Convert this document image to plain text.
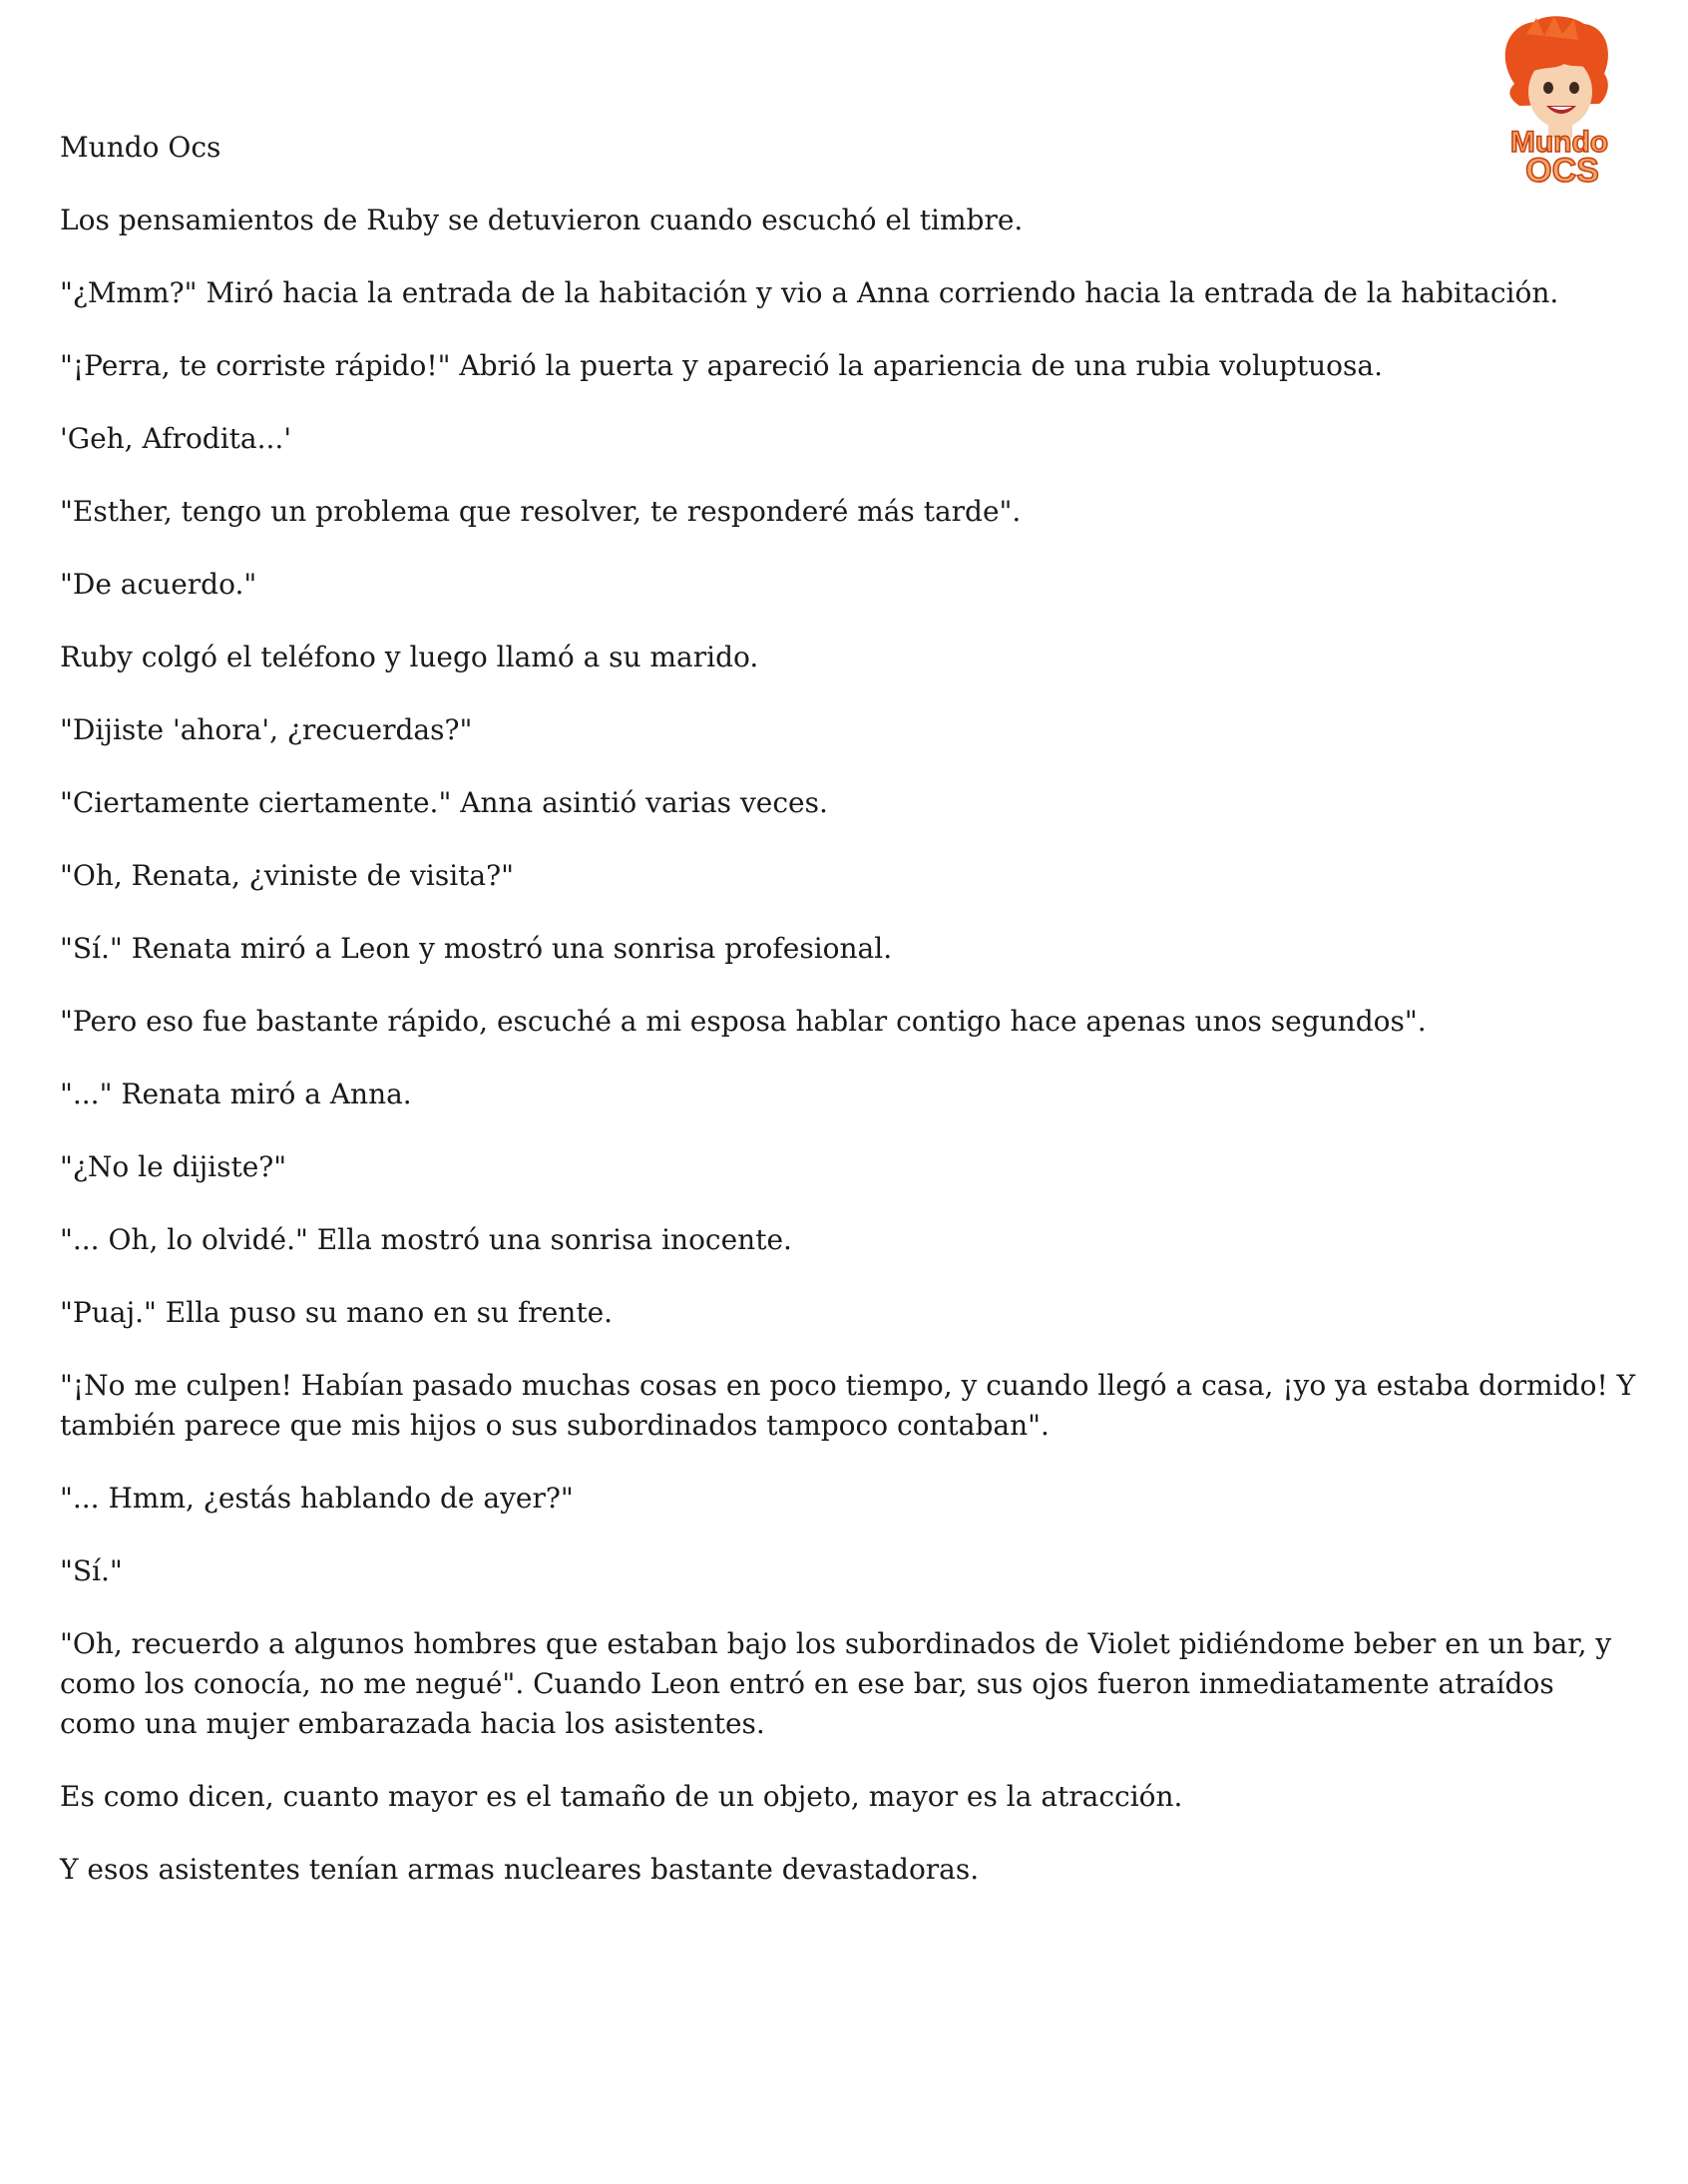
Mundo
OCS

Mundo Ocs

Los pensamientos de Ruby se detuvieron cuando escuchó el timbre.

"¿Mmm?" Miró hacia la entrada de la habitación y vio a Anna corriendo hacia la entrada de la habitación.

"¡Perra, te corriste rápido!" Abrió la puerta y apareció la apariencia de una rubia voluptuosa.

'Geh, Afrodita...'

"Esther, tengo un problema que resolver, te responderé más tarde".

"De acuerdo."

Ruby colgó el teléfono y luego llamó a su marido.

"Dijiste 'ahora', ¿recuerdas?"

"Ciertamente ciertamente." Anna asintió varias veces.

"Oh, Renata, ¿viniste de visita?"

"Sí." Renata miró a Leon y mostró una sonrisa profesional.

"Pero eso fue bastante rápido, escuché a mi esposa hablar contigo hace apenas unos segundos".

"..." Renata miró a Anna.

"¿No le dijiste?"

"... Oh, lo olvidé." Ella mostró una sonrisa inocente.

"Puaj." Ella puso su mano en su frente.

"¡No me culpen! Habían pasado muchas cosas en poco tiempo, y cuando llegó a casa, ¡yo ya estaba dormido! Y también parece que mis hijos o sus subordinados tampoco contaban".

"... Hmm, ¿estás hablando de ayer?"

"Sí."

"Oh, recuerdo a algunos hombres que estaban bajo los subordinados de Violet pidiéndome beber en un bar, y como los conocía, no me negué". Cuando Leon entró en ese bar, sus ojos fueron inmediatamente atraídos como una mujer embarazada hacia los asistentes.

Es como dicen, cuanto mayor es el tamaño de un objeto, mayor es la atracción.

Y esos asistentes tenían armas nucleares bastante devastadoras.
